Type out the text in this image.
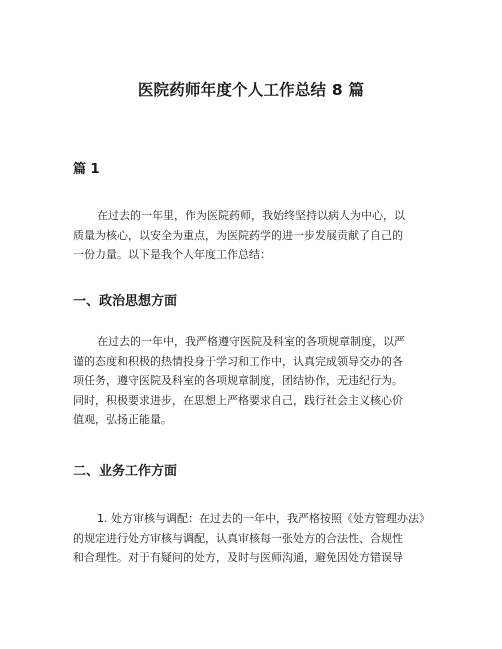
医院药师年度个人工作总结 8 篇
篇 1
在过去的一年里，作为医院药师，我始终坚持以病人为中心，以
质量为核心，以安全为重点，为医院药学的进一步发展贡献了自己的
一份力量。以下是我个人年度工作总结：
一、政治思想方面
在过去的一年中，我严格遵守医院及科室的各项规章制度，以严
谨的态度和积极的热情投身于学习和工作中，认真完成领导交办的各
项任务，遵守医院及科室的各项规章制度，团结协作，无违纪行为。
同时，积极要求进步，在思想上严格要求自己，践行社会主义核心价
值观，弘扬正能量。
二、业务工作方面
1. 处方审核与调配：在过去的一年中，我严格按照《处方管理办法》
的规定进行处方审核与调配，认真审核每一张处方的合法性、合规性
和合理性。对于有疑问的处方，及时与医师沟通，避免因处方错误导
